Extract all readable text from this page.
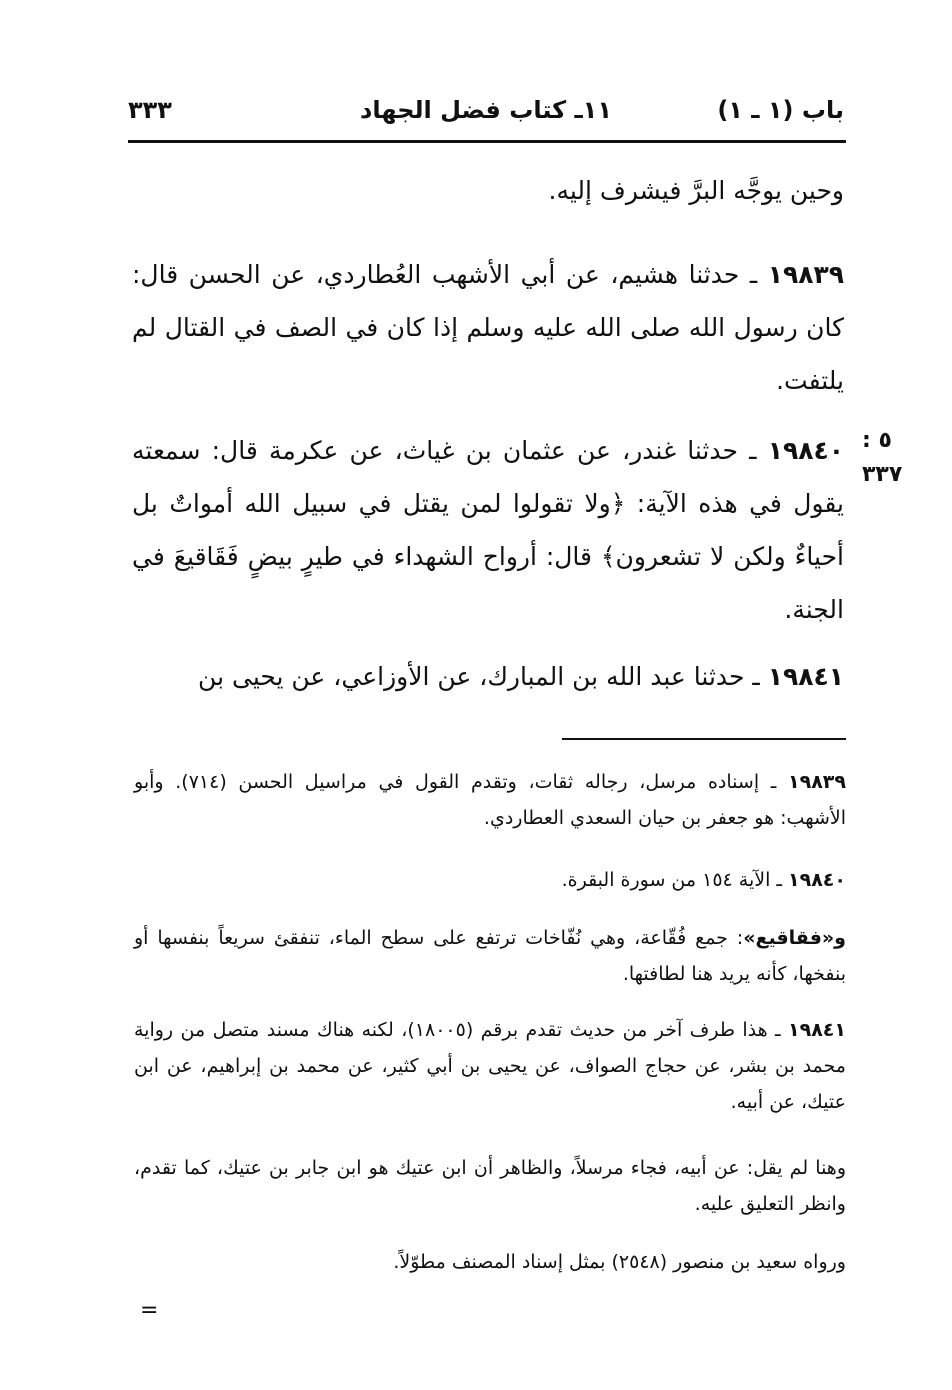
باب (١ ـ ١)
١١ـ كتاب فضل الجهاد
٣٣٣
٥ : ٣٣٧
وحين يوجَّه البرَّ فيشرف إليه.
١٩٨٣٩ ـ حدثنا هشيم، عن أبي الأشهب العُطاردي، عن الحسن قال: كان رسول الله صلى الله عليه وسلم إذا كان في الصف في القتال لم يلتفت.
١٩٨٤٠ ـ حدثنا غندر، عن عثمان بن غياث، عن عكرمة قال: سمعته يقول في هذه الآية: ﴿ولا تقولوا لمن يقتل في سبيل الله أمواتٌ بل أحياءٌ ولكن لا تشعرون﴾ قال: أرواح الشهداء في طيرٍ بيضٍ فَقَاقيعَ في الجنة.
١٩٨٤١ ـ حدثنا عبد الله بن المبارك، عن الأوزاعي، عن يحيى بن
١٩٨٣٩ ـ إسناده مرسل، رجاله ثقات، وتقدم القول في مراسيل الحسن (٧١٤). وأبو الأشهب: هو جعفر بن حيان السعدي العطاردي.
١٩٨٤٠ ـ الآية ١٥٤ من سورة البقرة.
و«فقاقيع»: جمع فُقّاعة، وهي نُفّاخات ترتفع على سطح الماء، تنفقئ سريعاً بنفسها أو بنفخها، كأنه يريد هنا لطافتها.
١٩٨٤١ ـ هذا طرف آخر من حديث تقدم برقم (١٨٠٠٥)، لكنه هناك مسند متصل من رواية محمد بن بشر، عن حجاج الصواف، عن يحيى بن أبي كثير، عن محمد بن إبراهيم، عن ابن عتيك، عن أبيه.
وهنا لم يقل: عن أبيه، فجاء مرسلاً، والظاهر أن ابن عتيك هو ابن جابر بن عتيك، كما تقدم، وانظر التعليق عليه.
ورواه سعيد بن منصور (٢٥٤٨) بمثل إسناد المصنف مطوّلاً.
=
